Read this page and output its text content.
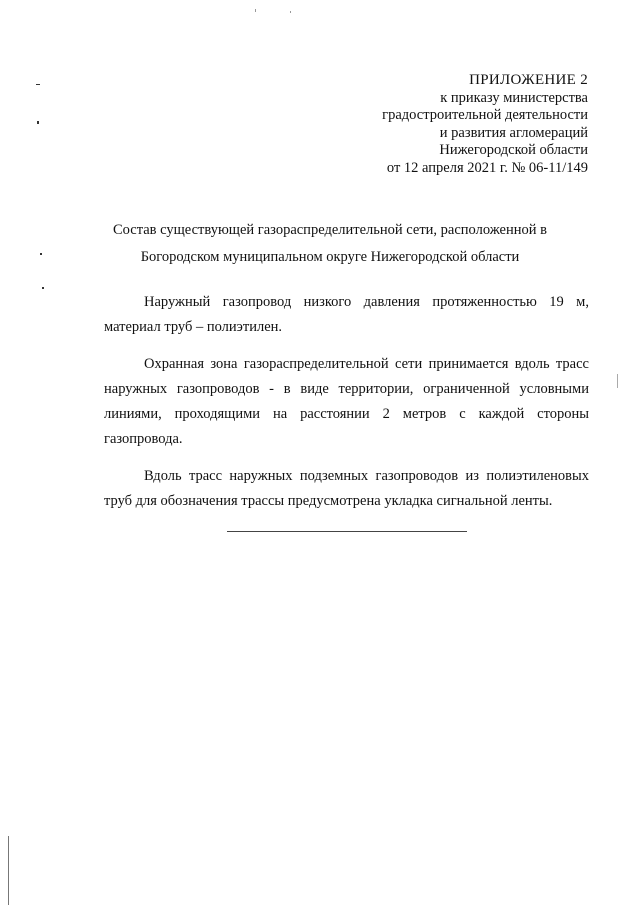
ПРИЛОЖЕНИЕ 2
к приказу министерства
градостроительной деятельности
и развития агломераций
Нижегородской области
от 12 апреля 2021 г. № 06-11/149
Состав существующей газораспределительной сети, расположенной в
Богородском муниципальном округе Нижегородской области

Наружный газопровод низкого давления протяженностью 19 м, материал труб – полиэтилен.

Охранная зона газораспределительной сети принимается вдоль трасс наружных газопроводов - в виде территории, ограниченной условными линиями, проходящими на расстоянии 2 метров с каждой стороны газопровода.

Вдоль трасс наружных подземных газопроводов из полиэтиленовых труб для обозначения трассы предусмотрена укладка сигнальной ленты.
